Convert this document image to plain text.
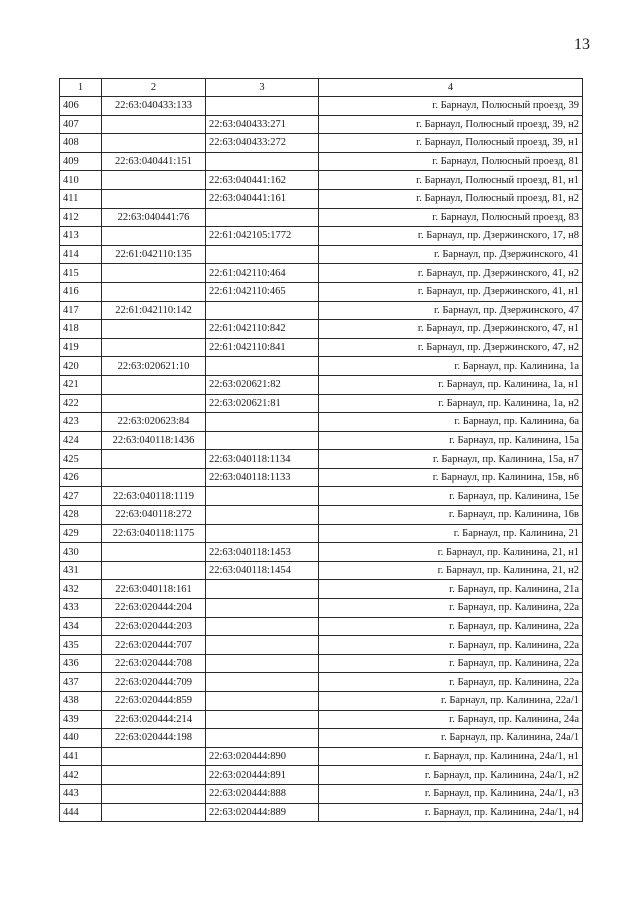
13
1	2	3	4
406	22:63:040433:133		г. Барнаул, Полюсный проезд, 39
407		22:63:040433:271	г. Барнаул, Полюсный проезд, 39, н2
408		22:63:040433:272	г. Барнаул, Полюсный проезд, 39, н1
409	22:63:040441:151		г. Барнаул, Полюсный проезд, 81
410		22:63:040441:162	г. Барнаул, Полюсный проезд, 81, н1
411		22:63:040441:161	г. Барнаул, Полюсный проезд, 81, н2
412	22:63:040441:76		г. Барнаул, Полюсный проезд, 83
413		22:61:042105:1772	г. Барнаул, пр. Дзержинского, 17, н8
414	22:61:042110:135		г. Барнаул, пр. Дзержинского, 41
415		22:61:042110:464	г. Барнаул, пр. Дзержинского, 41, н2
416		22:61:042110:465	г. Барнаул, пр. Дзержинского, 41, н1
417	22:61:042110:142		г. Барнаул, пр. Дзержинского, 47
418		22:61:042110:842	г. Барнаул, пр. Дзержинского, 47, н1
419		22:61:042110:841	г. Барнаул, пр. Дзержинского, 47, н2
420	22:63:020621:10		г. Барнаул, пр. Калинина, 1а
421		22:63:020621:82	г. Барнаул, пр. Калинина, 1а, н1
422		22:63:020621:81	г. Барнаул, пр. Калинина, 1а, н2
423	22:63:020623:84		г. Барнаул, пр. Калинина, 6а
424	22:63:040118:1436		г. Барнаул, пр. Калинина, 15а
425		22:63:040118:1134	г. Барнаул, пр. Калинина, 15а, н7
426		22:63:040118:1133	г. Барнаул, пр. Калинина, 15в, н6
427	22:63:040118:1119		г. Барнаул, пр. Калинина, 15е
428	22:63:040118:272		г. Барнаул, пр. Калинина, 16в
429	22:63:040118:1175		г. Барнаул, пр. Калинина, 21
430		22:63:040118:1453	г. Барнаул, пр. Калинина, 21, н1
431		22:63:040118:1454	г. Барнаул, пр. Калинина, 21, н2
432	22:63:040118:161		г. Барнаул, пр. Калинина, 21а
433	22:63:020444:204		г. Барнаул, пр. Калинина, 22а
434	22:63:020444:203		г. Барнаул, пр. Калинина, 22а
435	22:63:020444:707		г. Барнаул, пр. Калинина, 22а
436	22:63:020444:708		г. Барнаул, пр. Калинина, 22а
437	22:63:020444:709		г. Барнаул, пр. Калинина, 22а
438	22:63:020444:859		г. Барнаул, пр. Калинина, 22а/1
439	22:63:020444:214		г. Барнаул, пр. Калинина, 24а
440	22:63:020444:198		г. Барнаул, пр. Калинина, 24а/1
441		22:63:020444:890	г. Барнаул, пр. Калинина, 24а/1, н1
442		22:63:020444:891	г. Барнаул, пр. Калинина, 24а/1, н2
443		22:63:020444:888	г. Барнаул, пр. Калинина, 24а/1, н3
444		22:63:020444:889	г. Барнаул, пр. Калинина, 24а/1, н4
